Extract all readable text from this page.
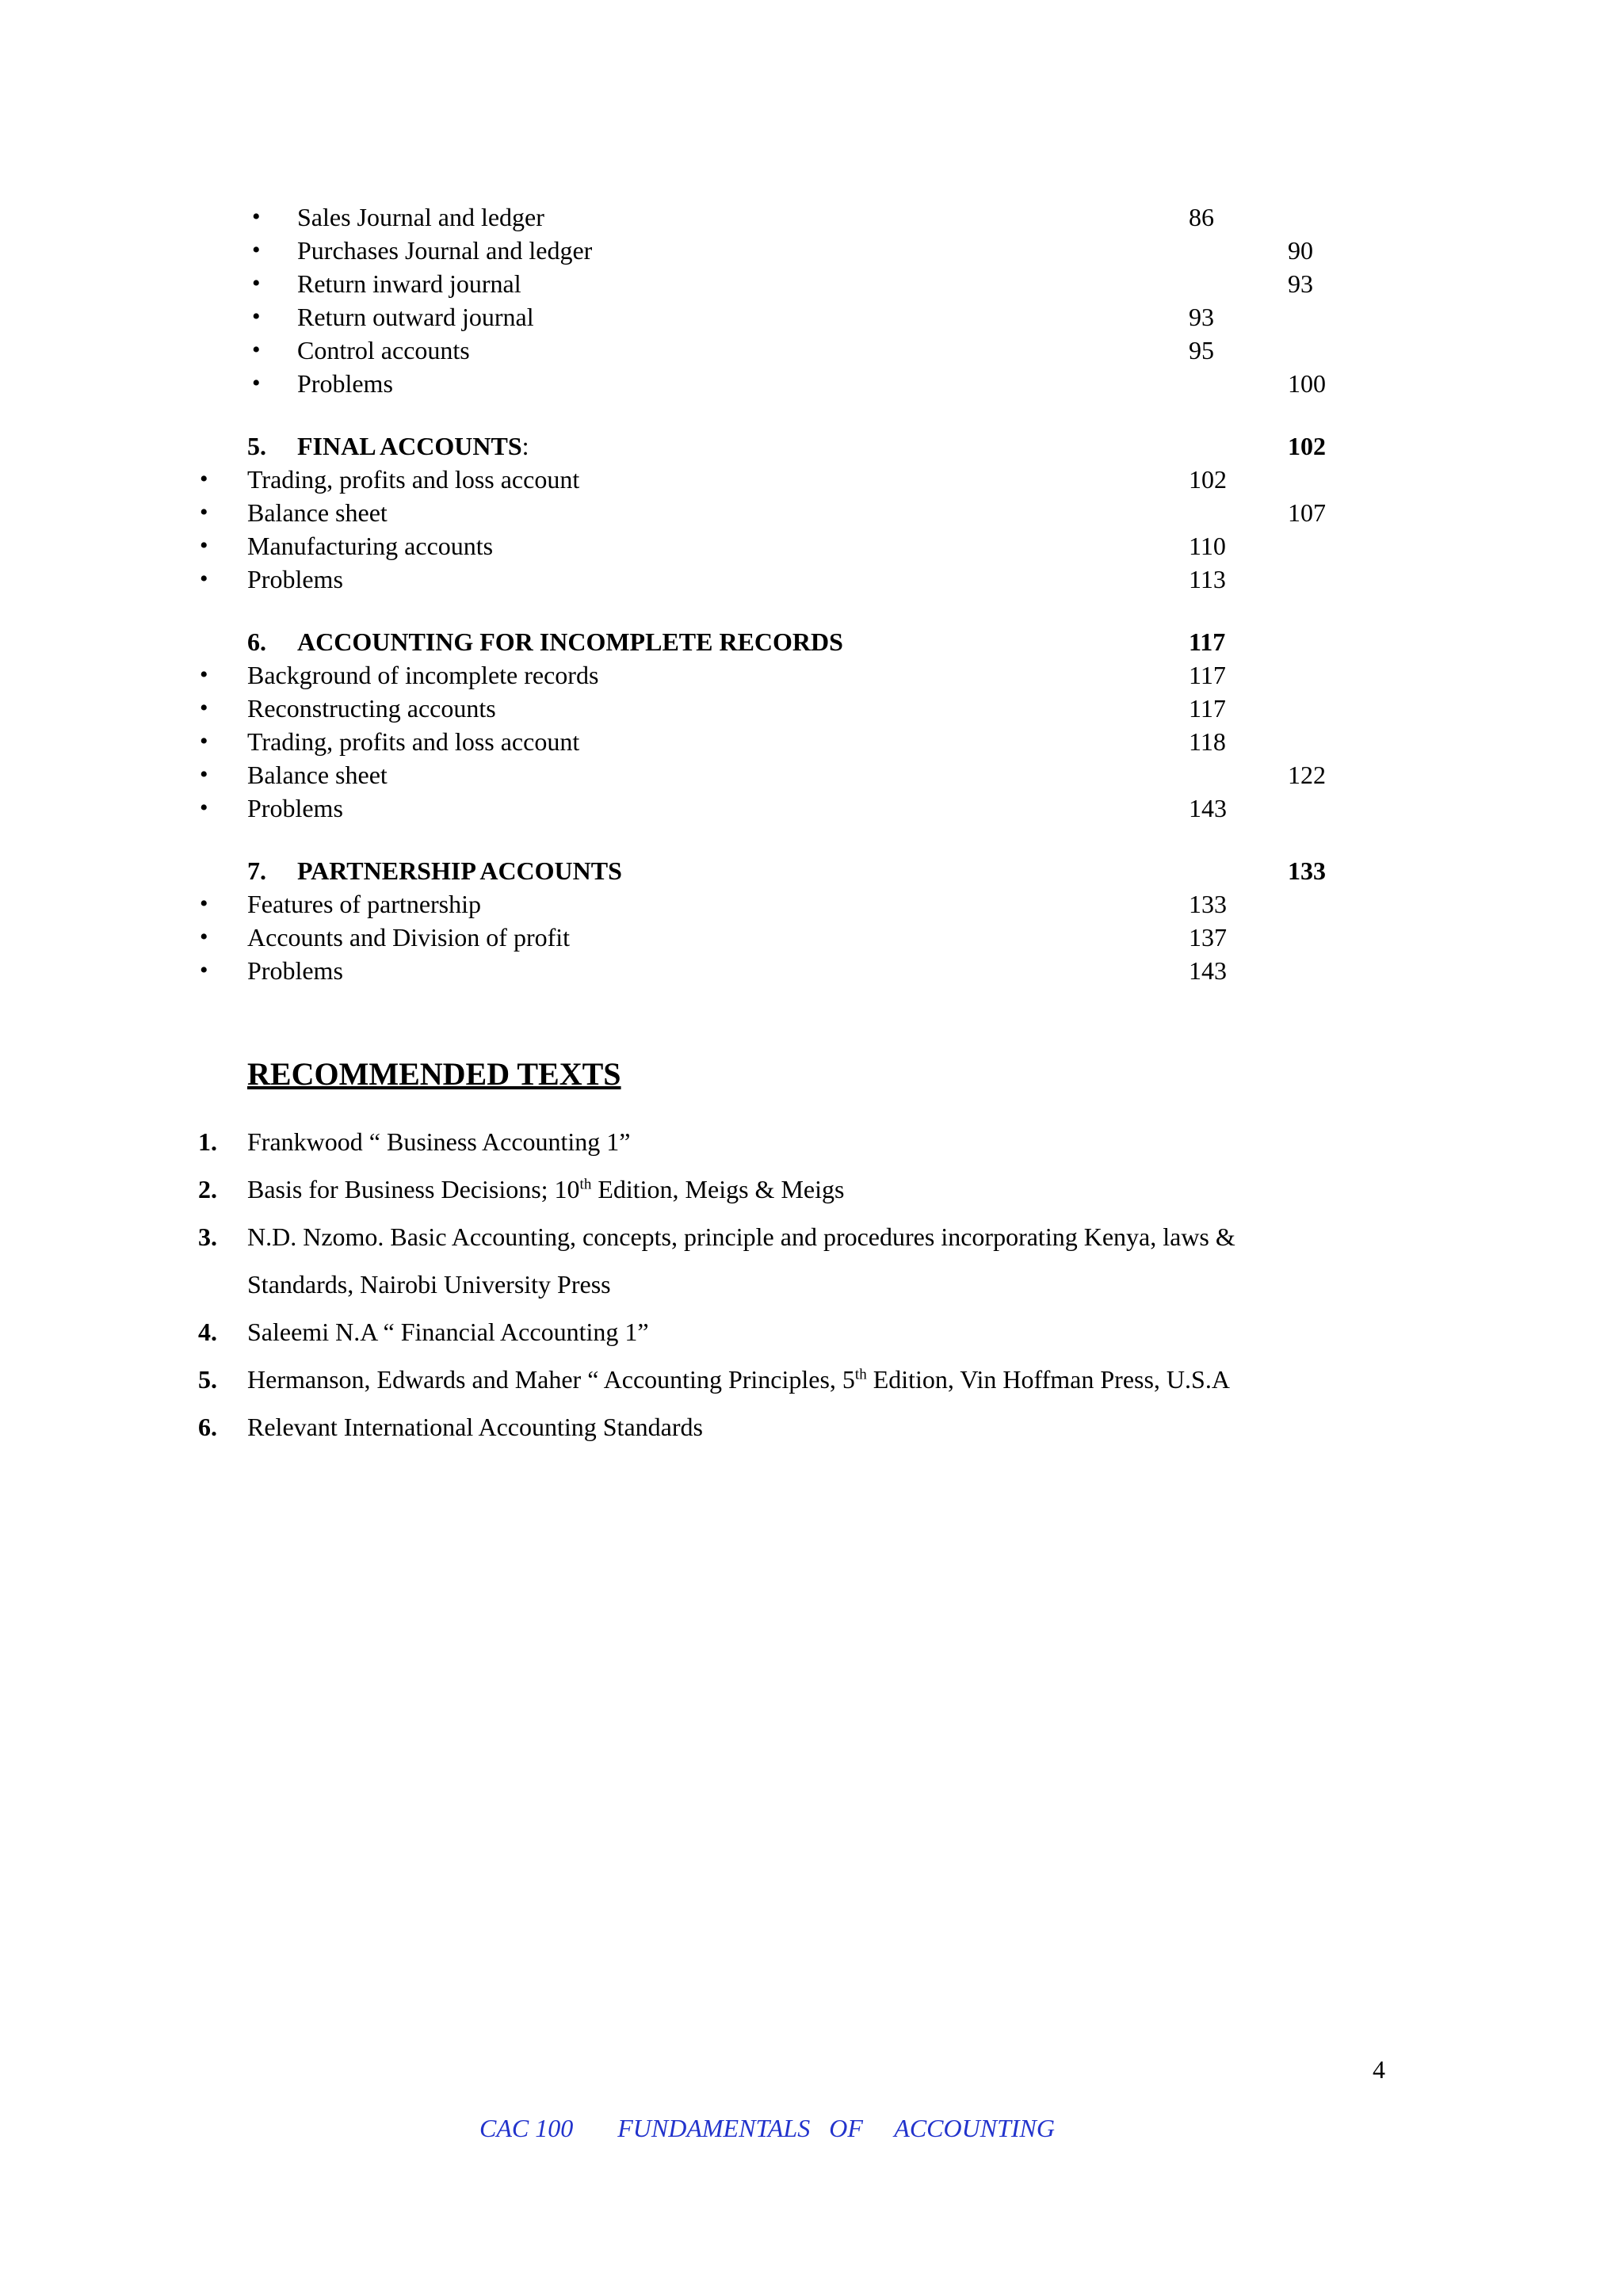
• Sales Journal and ledger	86
• Purchases Journal and ledger	90
• Return inward journal	93
• Return outward journal	93
• Control accounts	95
• Problems	100
5. FINAL ACCOUNTS:	102
• Trading, profits and loss account	102
• Balance sheet	107
• Manufacturing accounts	110
• Problems	113
6. ACCOUNTING FOR INCOMPLETE RECORDS	117
• Background of incomplete records	117
• Reconstructing accounts	117
• Trading, profits and loss account	118
• Balance sheet	122
• Problems	143
7. PARTNERSHIP ACCOUNTS	133
• Features of partnership	133
• Accounts and Division of profit	137
• Problems	143
RECOMMENDED TEXTS
1. Frankwood “ Business Accounting 1”
2. Basis for Business Decisions; 10th Edition, Meigs & Meigs
3. N.D. Nzomo. Basic Accounting, concepts, principle and procedures incorporating Kenya, laws &
Standards, Nairobi University Press
4. Saleemi N.A “ Financial Accounting 1”
5. Hermanson, Edwards and Maher “ Accounting Principles, 5th Edition, Vin Hoffman Press, U.S.A
6. Relevant International Accounting Standards
4
CAC 100 FUNDAMENTALS   OF     ACCOUNTING
